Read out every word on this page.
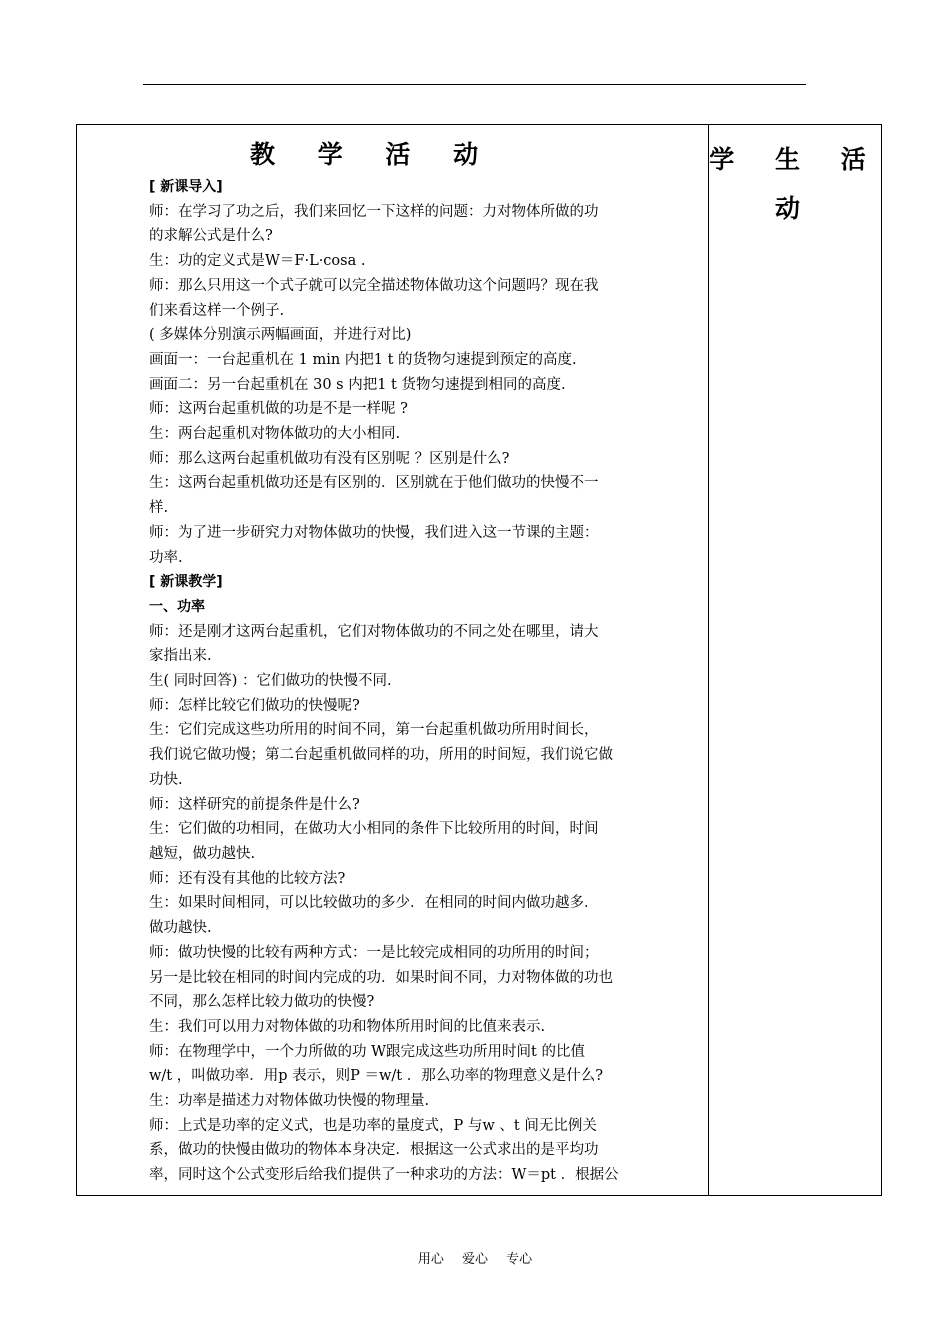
教 学 活 动	学 生 活 动

[ 新课导入]

师：在学习了功之后，我们来回忆一下这样的问题：力对物体所做的功

的求解公式是什么?

生：功的定义式是W＝F·L·cosa .

师：那么只用这一个式子就可以完全描述物体做功这个问题吗？现在我

们来看这样一个例子.

( 多媒体分别演示两幅画面，并进行对比)

画面一：一台起重机在 1 min 内把1 t 的货物匀速提到预定的高度.

画面二：另一台起重机在 30 s 内把1 t 货物匀速提到相同的高度.

师：这两台起重机做的功是不是一样呢 ?

生：两台起重机对物体做功的大小相同.

师：那么这两台起重机做功有没有区别呢 ？区别是什么?

生：这两台起重机做功还是有区别的．区别就在于他们做功的快慢不一

样.

师：为了进一步研究力对物体做功的快慢，我们进入这一节课的主题：

功率.

[ 新课教学]

一、功率

师：还是刚才这两台起重机，它们对物体做功的不同之处在哪里，请大

家指出来.

生( 同时回答) ：它们做功的快慢不同.

师：怎样比较它们做功的快慢呢?

生：它们完成这些功所用的时间不同，第一台起重机做功所用时间长，

我们说它做功慢；第二台起重机做同样的功，所用的时间短，我们说它做

功快.

师：这样研究的前提条件是什么?

生：它们做的功相同，在做功大小相同的条件下比较所用的时间，时间

越短，做功越快.

师：还有没有其他的比较方法?

生：如果时间相同，可以比较做功的多少．在相同的时间内做功越多．

做功越快.

师：做功快慢的比较有两种方式：一是比较完成相同的功所用的时间；

另一是比较在相同的时间内完成的功．如果时间不同，力对物体做的功也

不同，那么怎样比较力做功的快慢?

生：我们可以用力对物体做的功和物体所用时间的比值来表示.

师：在物理学中，一个力所做的功 W跟完成这些功所用时间t 的比值

w/t ，叫做功率．用p 表示，则P ＝w/t ．那么功率的物理意义是什么?

生：功率是描述力对物体做功快慢的物理量.

师：上式是功率的定义式，也是功率的量度式，P 与w 、t 间无比例关

系，做功的快慢由做功的物体本身决定．根据这一公式求出的是平均功

率，同时这个公式变形后给我们提供了一种求功的方法：W＝pt ．根据公

用心 爱心 专心
